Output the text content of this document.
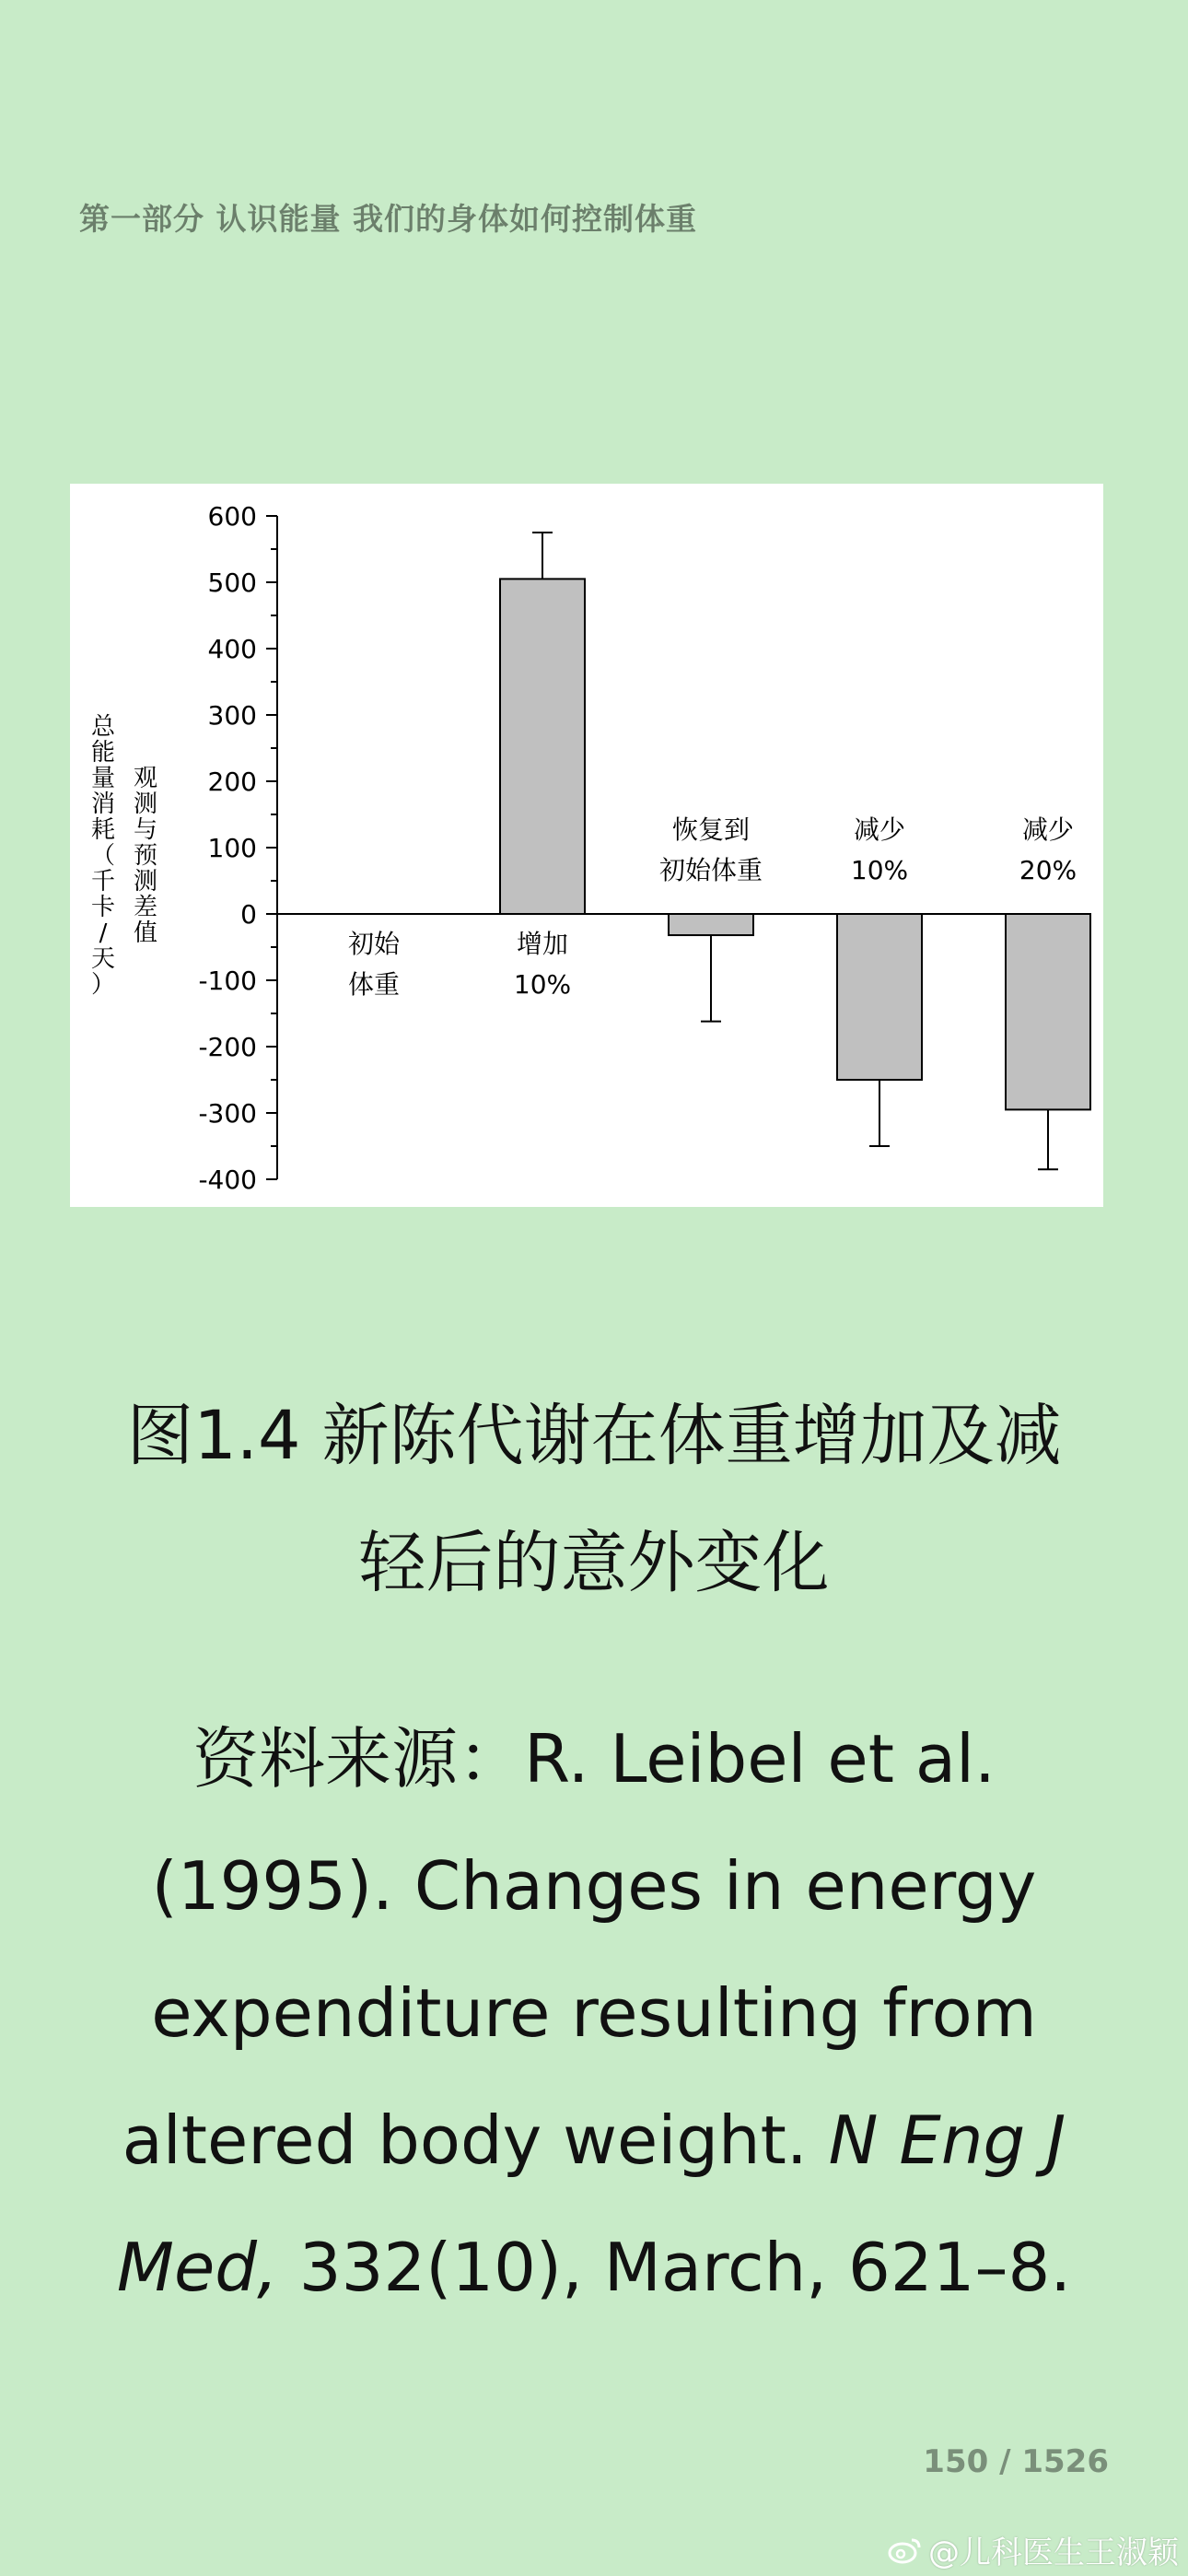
第一部分 认识能量 我们的身体如何控制体重
600
500
400
300
200
100
0
-100
-200
-300
-400
总能量消耗（千卡/天）
观测与预测差值	初始
体重
增加
10%
恢复到
初始体重
减少
10%
减少
20%
图1.4 新陈代谢在体重增加及减
轻后的意外变化
资料来源：R. Leibel et al.
(1995). Changes in energy
expenditure resulting from
altered body weight. N Eng J
Med, 332(10), March, 621–8.
150 / 1526
@儿科医生王淑颖
